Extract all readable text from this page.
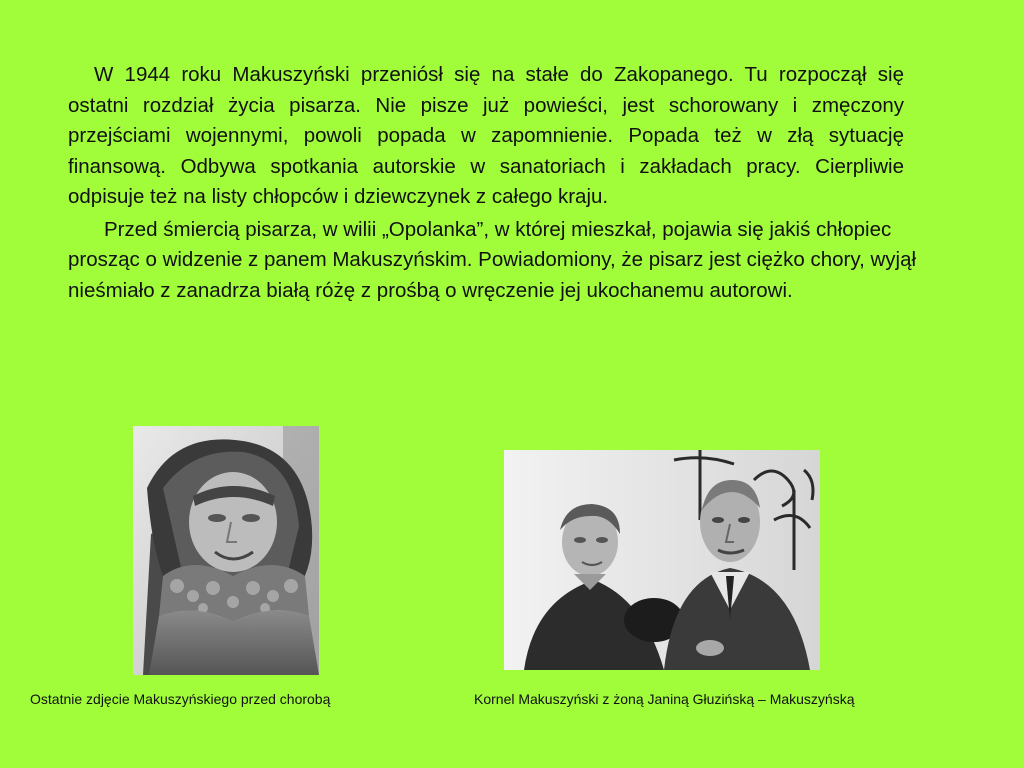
W 1944 roku Makuszyński przeniósł się na stałe do Zakopanego. Tu rozpoczął się ostatni rozdział życia pisarza. Nie pisze już powieści, jest schorowany i zmęczony przejściami wojennymi, powoli popada w zapomnienie. Popada też w złą sytuację finansową. Odbywa spotkania autorskie w sanatoriach i zakładach pracy. Cierpliwie odpisuje też na listy chłopców i dziewczynek z całego kraju.

Przed śmiercią pisarza, w wilii „Opolanka”, w której mieszkał, pojawia się jakiś chłopiec prosząc o widzenie z panem Makuszyńskim. Powiadomiony, że pisarz jest ciężko chory, wyjął nieśmiało z zanadrza białą różę z prośbą o wręczenie jej ukochanemu autorowi.

Ostatnie zdjęcie Makuszyńskiego przed chorobą	Kornel Makuszyński z żoną Janiną Głuzińską – Makuszyńską
